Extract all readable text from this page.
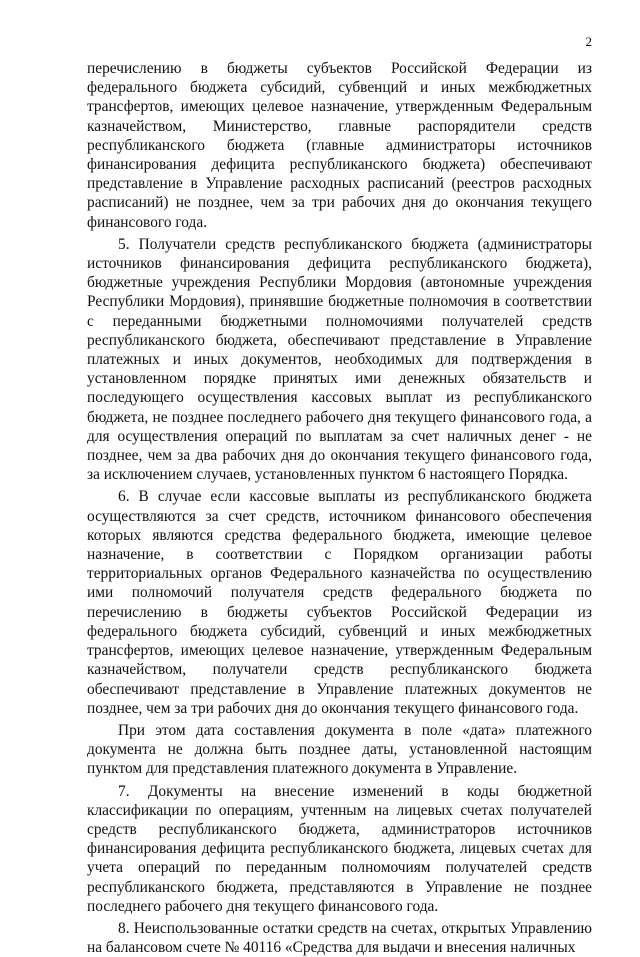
2

перечислению в бюджеты субъектов Российской Федерации из федерального бюджета субсидий, субвенций и иных межбюджетных трансфертов, имеющих целевое назначение, утвержденным Федеральным казначейством, Министерство, главные распорядители средств республиканского бюджета (главные администраторы источников финансирования дефицита республиканского бюджета) обеспечивают представление в Управление расходных расписаний (реестров расходных расписаний) не позднее, чем за три рабочих дня до окончания текущего финансового года.

5. Получатели средств республиканского бюджета (администраторы источников финансирования дефицита республиканского бюджета), бюджетные учреждения Республики Мордовия (автономные учреждения Республики Мордовия), принявшие бюджетные полномочия в соответствии с переданными бюджетными полномочиями получателей средств республиканского бюджета, обеспечивают представление в Управление платежных и иных документов, необходимых для подтверждения в установленном порядке принятых ими денежных обязательств и последующего осуществления кассовых выплат из республиканского бюджета, не позднее последнего рабочего дня текущего финансового года, а для осуществления операций по выплатам за счет наличных денег - не позднее, чем за два рабочих дня до окончания текущего финансового года, за исключением случаев, установленных пунктом 6 настоящего Порядка.

6. В случае если кассовые выплаты из республиканского бюджета осуществляются за счет средств, источником финансового обеспечения которых являются средства федерального бюджета, имеющие целевое назначение, в соответствии с Порядком организации работы территориальных органов Федерального казначейства по осуществлению ими полномочий получателя средств федерального бюджета по перечислению в бюджеты субъектов Российской Федерации из федерального бюджета субсидий, субвенций и иных межбюджетных трансфертов, имеющих целевое назначение, утвержденным Федеральным казначейством, получатели средств республиканского бюджета обеспечивают представление в Управление платежных документов не позднее, чем за три рабочих дня до окончания текущего финансового года.

При этом дата составления документа в поле «дата» платежного документа не должна быть позднее даты, установленной настоящим пунктом для представления платежного документа в Управление.

7. Документы на внесение изменений в коды бюджетной классификации по операциям, учтенным на лицевых счетах получателей средств республиканского бюджета, администраторов источников финансирования дефицита республиканского бюджета, лицевых счетах для учета операций по переданным полномочиям получателей средств республиканского бюджета, представляются в Управление не позднее последнего рабочего дня текущего финансового года.

8. Неиспользованные остатки средств на счетах, открытых Управлению на балансовом счете № 40116 «Средства для выдачи и внесения наличных
